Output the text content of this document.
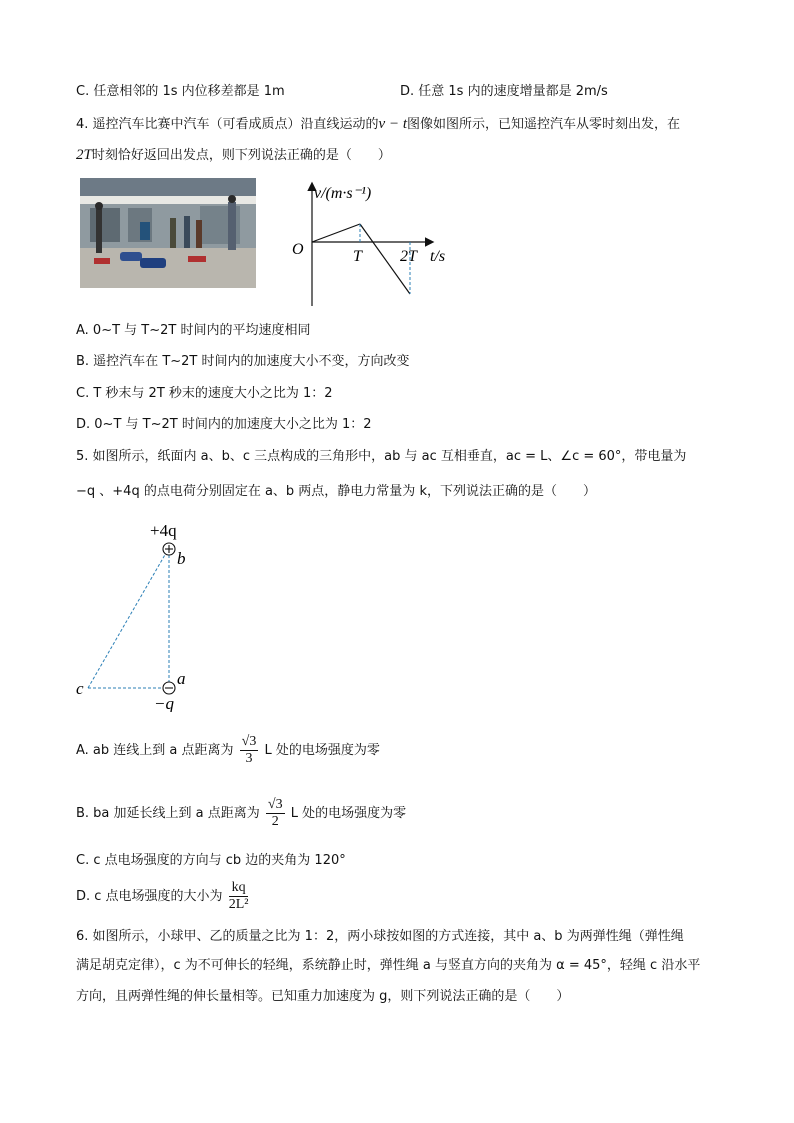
C. 任意相邻的 1s 内位移差都是 1m	D. 任意 1s 内的速度增量都是 2m/s
4. 遥控汽车比赛中汽车（可看成质点）沿直线运动的v − t图像如图所示，已知遥控汽车从零时刻出发，在
2T时刻恰好返回出发点，则下列说法正确的是（　　）
v/(m·s⁻¹)
O	T 2T t/s
A. 0~T 与 T~2T 时间内的平均速度相同
B. 遥控汽车在 T~2T 时间内的加速度大小不变，方向改变
C. T 秒末与 2T 秒末的速度大小之比为 1：2
D. 0~T 与 T~2T 时间内的加速度大小之比为 1：2
5. 如图所示，纸面内 a、b、c 三点构成的三角形中，ab 与 ac 互相垂直，ac = L、∠c = 60°，带电量为
−q 、+4q 的点电荷分别固定在 a、b 两点，静电力常量为 k，下列说法正确的是（　　）
+4q
b
a
c
−q
A. ab 连线上到 a 点距离为 $\frac{√3}{3}$ L 处的电场强度为零
B. ba 加延长线上到 a 点距离为 $\frac{√3}{2}$ L 处的电场强度为零
C. c 点电场强度的方向与 cb 边的夹角为 120°
D. c 点电场强度的大小为 $\frac{kq}{\text{2L²}}$
6. 如图所示，小球甲、乙的质量之比为 1：2，两小球按如图的方式连接，其中 a、b 为两弹性绳（弹性绳
满足胡克定律），c 为不可伸长的轻绳，系统静止时，弹性绳 a 与竖直方向的夹角为 α = 45°，轻绳 c 沿水平
方向，且两弹性绳的伸长量相等。已知重力加速度为 g，则下列说法正确的是（　　）
